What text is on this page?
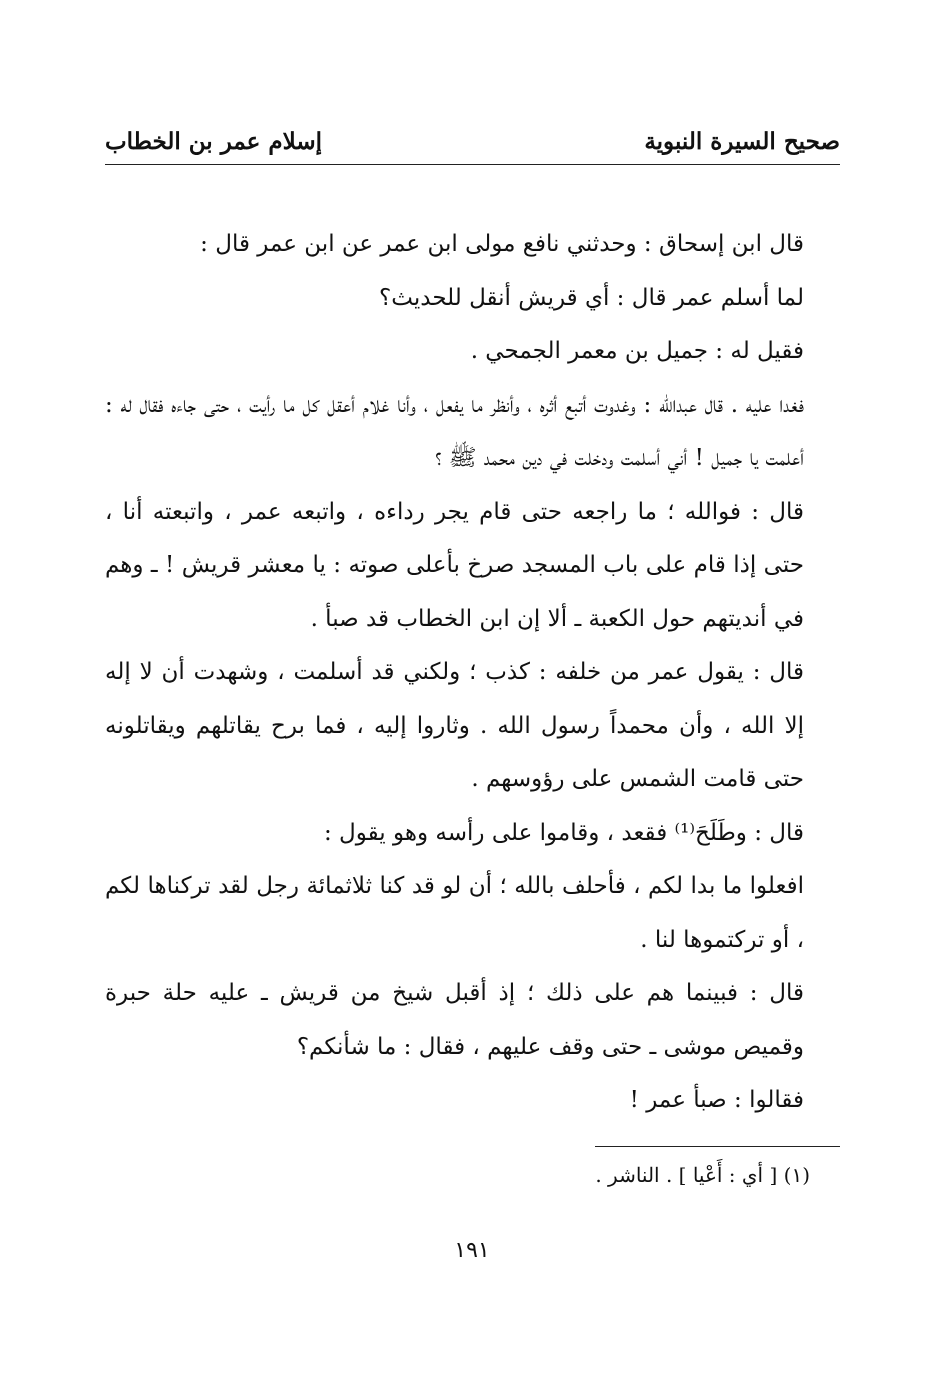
صحيح السيرة النبوية
إسلام عمر بن الخطاب

قال ابن إسحاق : وحدثني نافع مولى ابن عمر عن ابن عمر قال :

لما أسلم عمر قال : أي قريش أنقل للحديث؟

فقيل له : جميل بن معمر الجمحي .

فغدا عليه . قال عبدالله : وغدوت أتبع أثره ، وأنظر ما يفعل ، وأنا غلام أعقل كل ما رأيت ، حتى جاءه فقال له : أعلمت يا جميل ! أني أسلمت ودخلت في دين محمد ﷺ ؟

قال : فوالله ؛ ما راجعه حتى قام يجر رداءه ، واتبعه عمر ، واتبعته أنا ، حتى إذا قام على باب المسجد صرخ بأعلى صوته : يا معشر قريش ! ـ وهم في أنديتهم حول الكعبة ـ ألا إن ابن الخطاب قد صبأ .

قال : يقول عمر من خلفه : كذب ؛ ولكني قد أسلمت ، وشهدت أن لا إله إلا الله ، وأن محمداً رسول الله . وثاروا إليه ، فما برح يقاتلهم ويقاتلونه حتى قامت الشمس على رؤوسهم .

قال : وطَلَحَ⁽¹⁾ فقعد ، وقاموا على رأسه وهو يقول :

افعلوا ما بدا لكم ، فأحلف بالله ؛ أن لو قد كنا ثلاثمائة رجل لقد تركناها لكم ، أو تركتموها لنا .

قال : فبينما هم على ذلك ؛ إذ أقبل شيخ من قريش ـ عليه حلة حبرة وقميص موشى ـ حتى وقف عليهم ، فقال : ما شأنكم؟

فقالوا : صبأ عمر !

(١) [ أي : أَعْيا ] . الناشر .
١٩١
